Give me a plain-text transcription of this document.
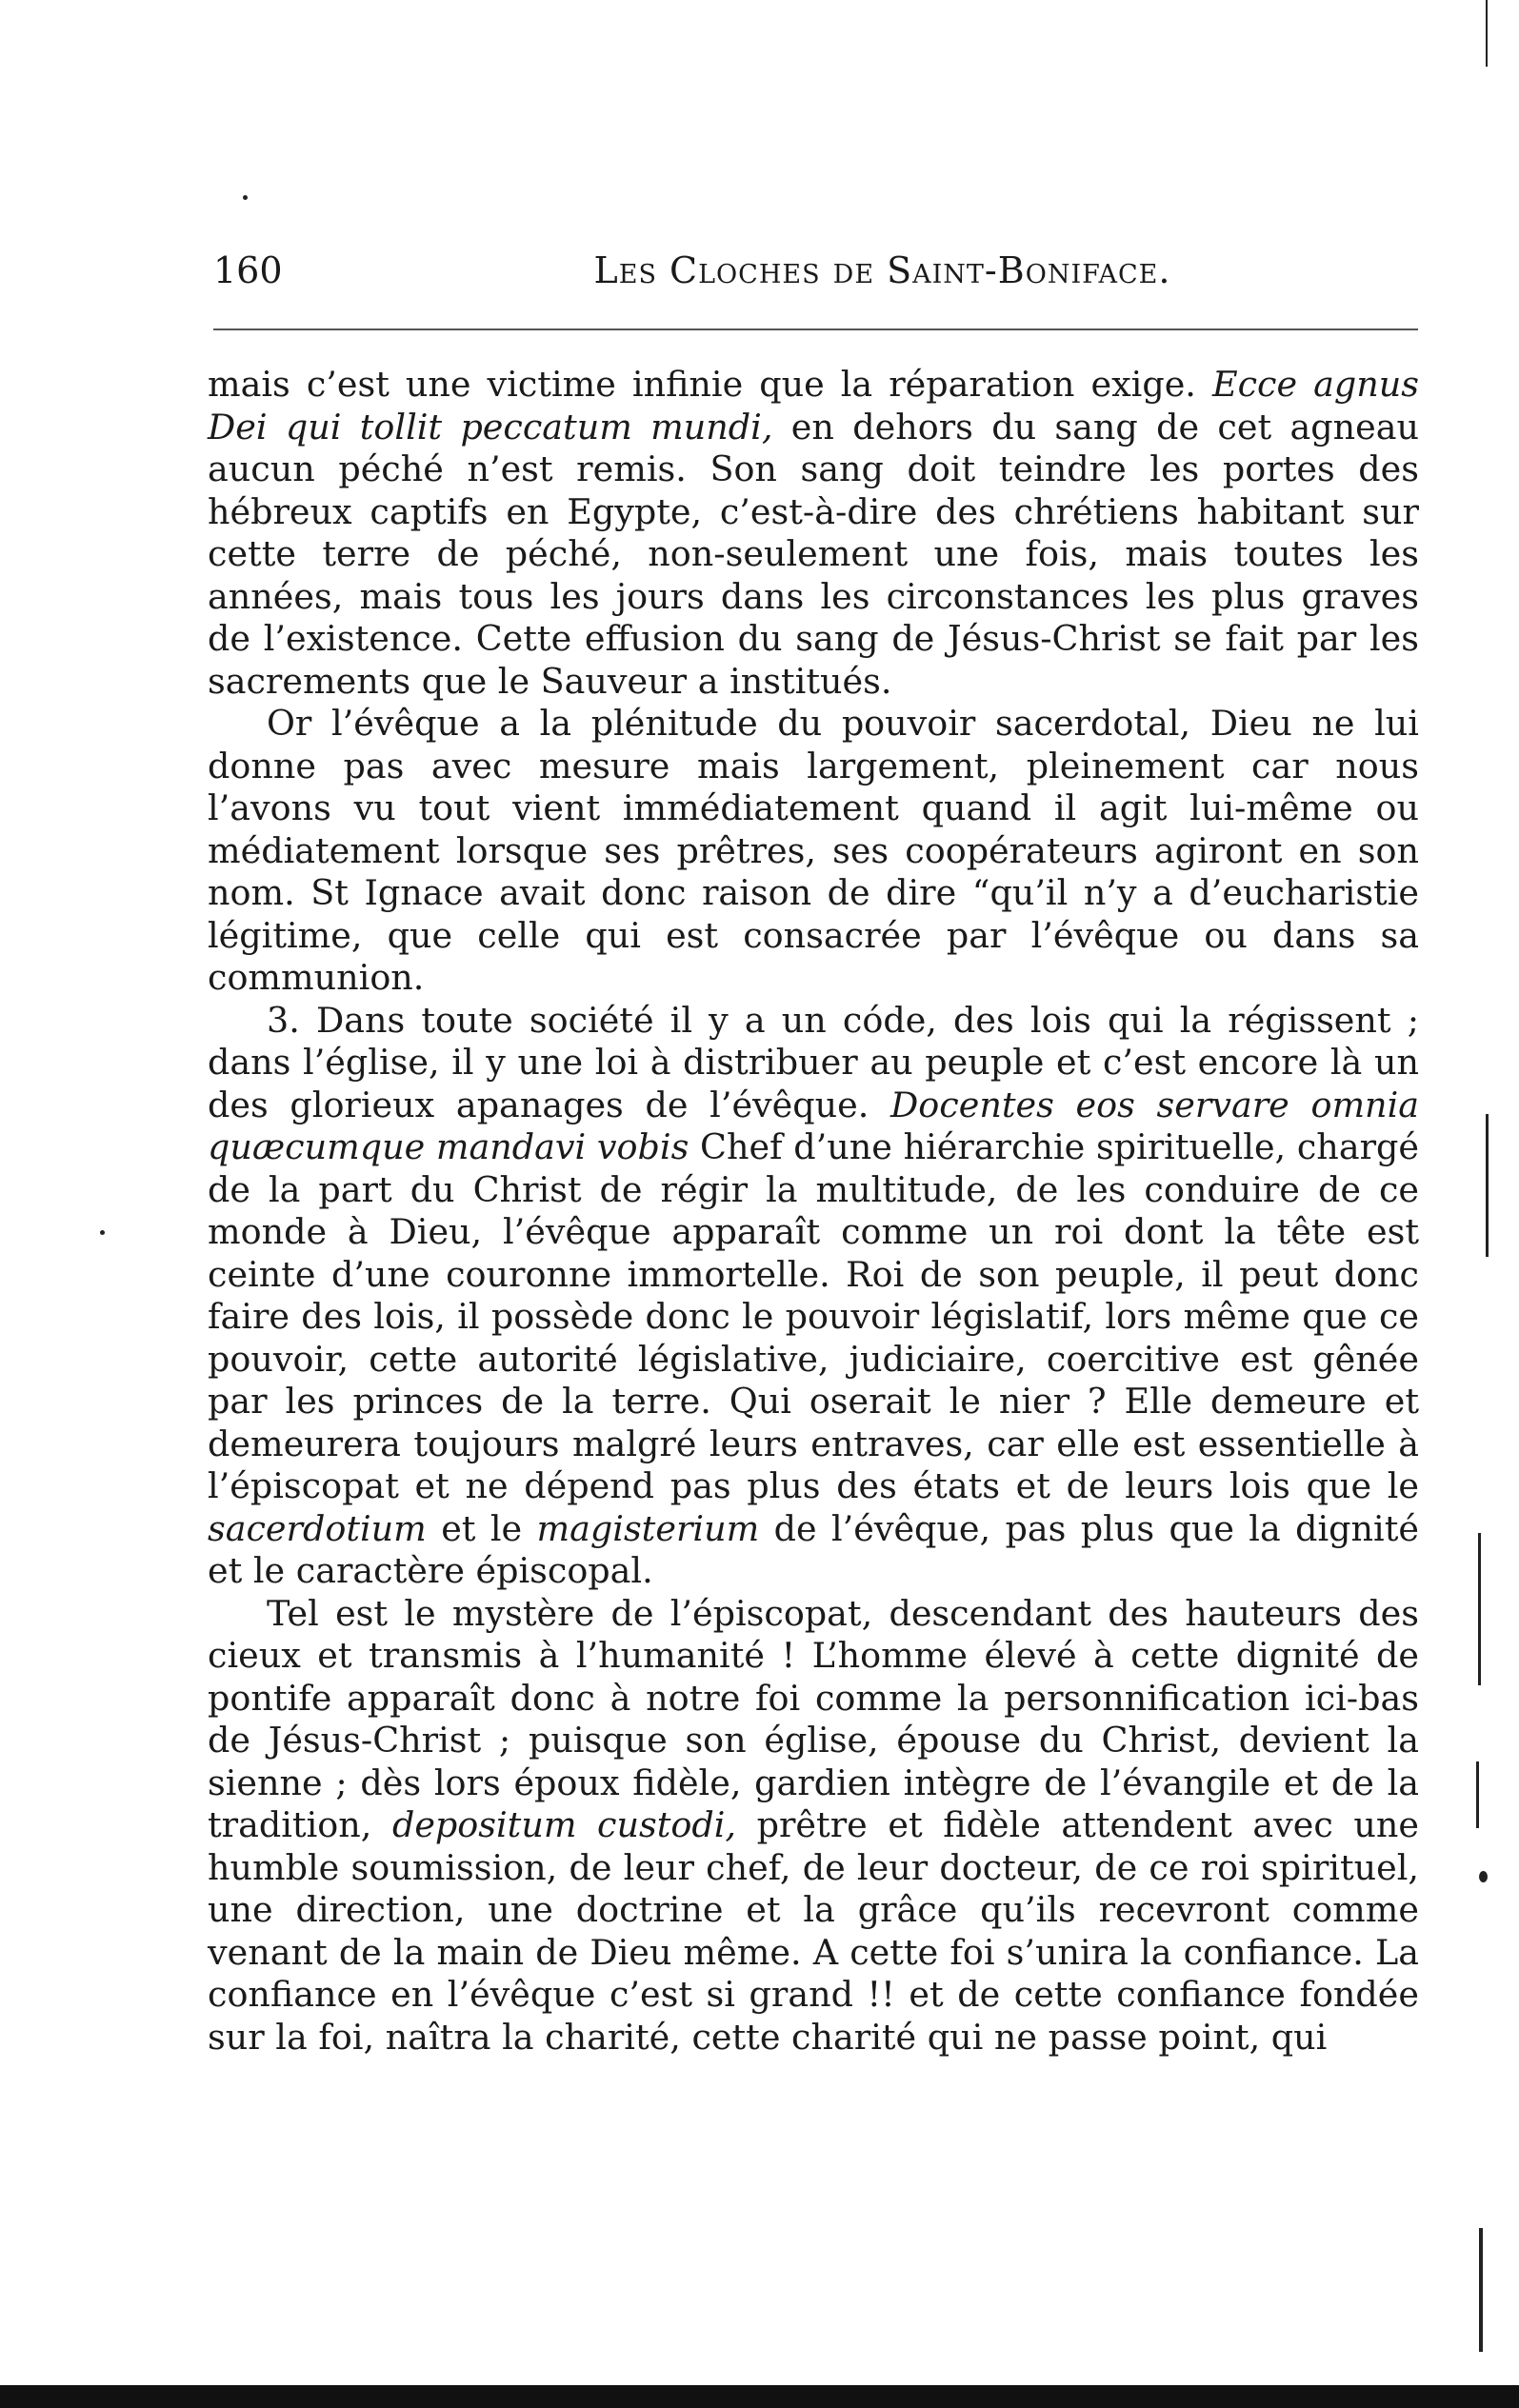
160	Les Cloches de Saint-Boniface.

mais c’est une victime infinie que la réparation exige. Ecce agnus Dei qui tollit peccatum mundi, en dehors du sang de cet agneau aucun péché n’est remis. Son sang doit teindre les portes des hébreux captifs en Egypte, c’est-à-dire des chrétiens habitant sur cette terre de péché, non-seulement une fois, mais toutes les années, mais tous les jours dans les circonstances les plus graves de l’existence. Cette effusion du sang de Jésus-Christ se fait par les sacrements que le Sauveur a institués.

Or l’évêque a la plénitude du pouvoir sacerdotal, Dieu ne lui donne pas avec mesure mais largement, pleinement car nous l’avons vu tout vient immédiatement quand il agit lui-même ou médiatement lorsque ses prêtres, ses coopérateurs agiront en son nom. St Ignace avait donc raison de dire “qu’il n’y a d’eucharistie légitime, que celle qui est consacrée par l’évêque ou dans sa communion.

3. Dans toute société il y a un códe, des lois qui la régissent ; dans l’église, il y une loi à distribuer au peuple et c’est encore là un des glorieux apanages de l’évêque. Docentes eos servare omnia quæcumque mandavi vobis Chef d’une hiérarchie spirituelle, chargé de la part du Christ de régir la multitude, de les conduire de ce monde à Dieu, l’évêque apparaît comme un roi dont la tête est ceinte d’une couronne immortelle. Roi de son peuple, il peut donc faire des lois, il possède donc le pouvoir législatif, lors même que ce pouvoir, cette autorité législative, judiciaire, coercitive est gênée par les princes de la terre. Qui oserait le nier ? Elle demeure et demeurera toujours malgré leurs entraves, car elle est essentielle à l’épiscopat et ne dépend pas plus des états et de leurs lois que le sacerdotium et le magisterium de l’évêque, pas plus que la dignité et le caractère épiscopal.

Tel est le mystère de l’épiscopat, descendant des hauteurs des cieux et transmis à l’humanité ! L’homme élevé à cette dignité de pontife apparaît donc à notre foi comme la personnification ici-bas de Jésus-Christ ; puisque son église, épouse du Christ, devient la sienne ; dès lors époux fidèle, gardien intègre de l’évangile et de la tradition, depositum custodi, prêtre et fidèle attendent avec une humble soumission, de leur chef, de leur docteur, de ce roi spirituel, une direction, une doctrine et la grâce qu’ils recevront comme venant de la main de Dieu même. A cette foi s’unira la confiance. La confiance en l’évêque c’est si grand !! et de cette confiance fondée sur la foi, naîtra la charité, cette charité qui ne passe point, qui
